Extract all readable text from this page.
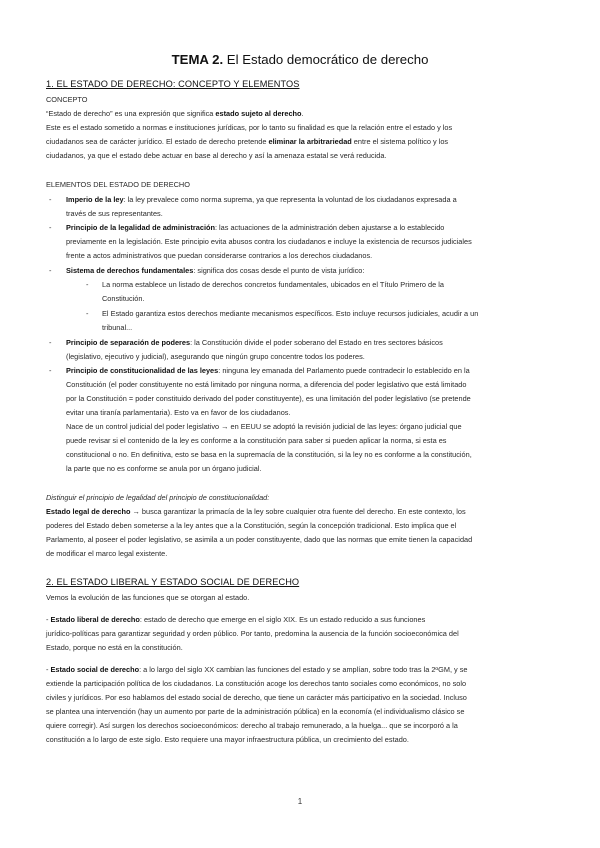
TEMA 2. El Estado democrático de derecho
1. EL ESTADO DE DERECHO: CONCEPTO Y ELEMENTOS
CONCEPTO
“Estado de derecho” es una expresión que significa estado sujeto al derecho.
Este es el estado sometido a normas e instituciones jurídicas, por lo tanto su finalidad es que la relación entre el estado y los
ciudadanos sea de carácter jurídico. El estado de derecho pretende eliminar la arbitrariedad entre el sistema político y los
ciudadanos, ya que el estado debe actuar en base al derecho y así la amenaza estatal se verá reducida.
ELEMENTOS DEL ESTADO DE DERECHO
- Imperio de la ley: la ley prevalece como norma suprema, ya que representa la voluntad de los ciudadanos expresada a
través de sus representantes.
- Principio de la legalidad de administración: las actuaciones de la administración deben ajustarse a lo establecido
previamente en la legislación. Este principio evita abusos contra los ciudadanos e incluye la existencia de recursos judiciales
frente a actos administrativos que puedan considerarse contrarios a los derechos ciudadanos.
- Sistema de derechos fundamentales: significa dos cosas desde el punto de vista jurídico:
- La norma establece un listado de derechos concretos fundamentales, ubicados en el Título Primero de la
Constitución.
- El Estado garantiza estos derechos mediante mecanismos específicos. Esto incluye recursos judiciales, acudir a un
tribunal...
- Principio de separación de poderes: la Constitución divide el poder soberano del Estado en tres sectores básicos
(legislativo, ejecutivo y judicial), asegurando que ningún grupo concentre todos los poderes.
- Principio de constitucionalidad de las leyes: ninguna ley emanada del Parlamento puede contradecir lo establecido en la
Constitución (el poder constituyente no está limitado por ninguna norma, a diferencia del poder legislativo que está limitado
por la Constitución = poder constituido derivado del poder constituyente), es una limitación del poder legislativo (se pretende
evitar una tiranía parlamentaria). Esto va en favor de los ciudadanos.
Nace de un control judicial del poder legislativo → en EEUU se adoptó la revisión judicial de las leyes: órgano judicial que
puede revisar si el contenido de la ley es conforme a la constitución para saber si pueden aplicar la norma, si esta es
constitucional o no. En definitiva, esto se basa en la supremacía de la constitución, si la ley no es conforme a la constitución,
la parte que no es conforme se anula por un órgano judicial.
Distinguir el principio de legalidad del principio de constitucionalidad:
Estado legal de derecho → busca garantizar la primacía de la ley sobre cualquier otra fuente del derecho. En este contexto, los
poderes del Estado deben someterse a la ley antes que a la Constitución, según la concepción tradicional. Esto implica que el
Parlamento, al poseer el poder legislativo, se asimila a un poder constituyente, dado que las normas que emite tienen la capacidad
de modificar el marco legal existente.
2. EL ESTADO LIBERAL Y ESTADO SOCIAL DE DERECHO
Vemos la evolución de las funciones que se otorgan al estado.
- Estado liberal de derecho: estado de derecho que emerge en el siglo XIX. Es un estado reducido a sus funciones
jurídico-políticas para garantizar seguridad y orden público. Por tanto, predomina la ausencia de la función socioeconómica del
Estado, porque no está en la constitución.
- Estado social de derecho: a lo largo del siglo XX cambian las funciones del estado y se amplían, sobre todo tras la 2ºGM, y se
extiende la participación política de los ciudadanos. La constitución acoge los derechos tanto sociales como económicos, no solo
civiles y jurídicos. Por eso hablamos del estado social de derecho, que tiene un carácter más participativo en la sociedad. Incluso
se plantea una intervención (hay un aumento por parte de la administración pública) en la economía (el individualismo clásico se
quiere corregir). Así surgen los derechos socioeconómicos: derecho al trabajo remunerado, a la huelga... que se incorporó a la
constitución a lo largo de este siglo. Esto requiere una mayor infraestructura pública, un crecimiento del estado.
1
